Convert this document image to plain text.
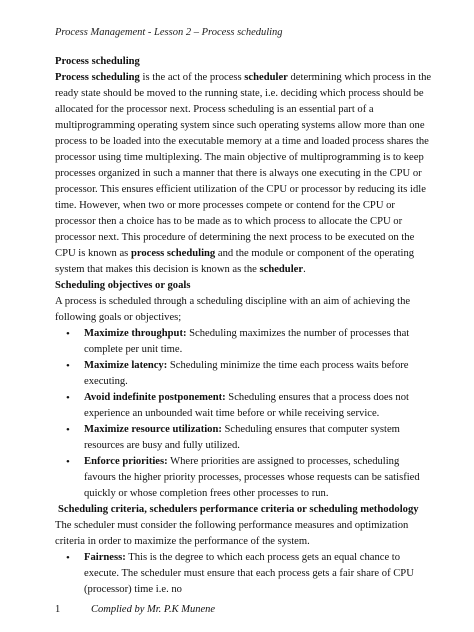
Process Management - Lesson 2 – Process scheduling

Process scheduling

Process scheduling is the act of the process scheduler determining which process in the ready state should be moved to the running state, i.e. deciding which process should be allocated for the processor next. Process scheduling is an essential part of a multiprogramming operating system since such operating systems allow more than one process to be loaded into the executable memory at a time and loaded process shares the processor using time multiplexing. The main objective of multiprogramming is to keep processes organized in such a manner that there is always one executing in the CPU or processor. This ensures efficient utilization of the CPU or processor by reducing its idle time. However, when two or more processes compete or contend for the CPU or processor then a choice has to be made as to which process to allocate the CPU or processor next. This procedure of determining the next process to be executed on the CPU is known as process scheduling and the module or component of the operating system that makes this decision is known as the scheduler.

Scheduling objectives or goals

A process is scheduled through a scheduling discipline with an aim of achieving the following goals or objectives;

• Maximize throughput: Scheduling maximizes the number of processes that complete per unit time.
• Maximize latency: Scheduling minimize the time each process waits before executing.
• Avoid indefinite postponement: Scheduling ensures that a process does not experience an unbounded wait time before or while receiving service.
• Maximize resource utilization: Scheduling ensures that computer system resources are busy and fully utilized.
• Enforce priorities: Where priorities are assigned to processes, scheduling favours the higher priority processes, processes whose requests can be satisfied quickly or whose completion frees other processes to run.

Scheduling criteria, schedulers performance criteria or scheduling methodology

The scheduler must consider the following performance measures and optimization criteria in order to maximize the performance of the system.

• Fairness: This is the degree to which each process gets an equal chance to execute. The scheduler must ensure that each process gets a fair share of CPU (processor) time i.e. no
1	Complied by Mr. P.K Munene
